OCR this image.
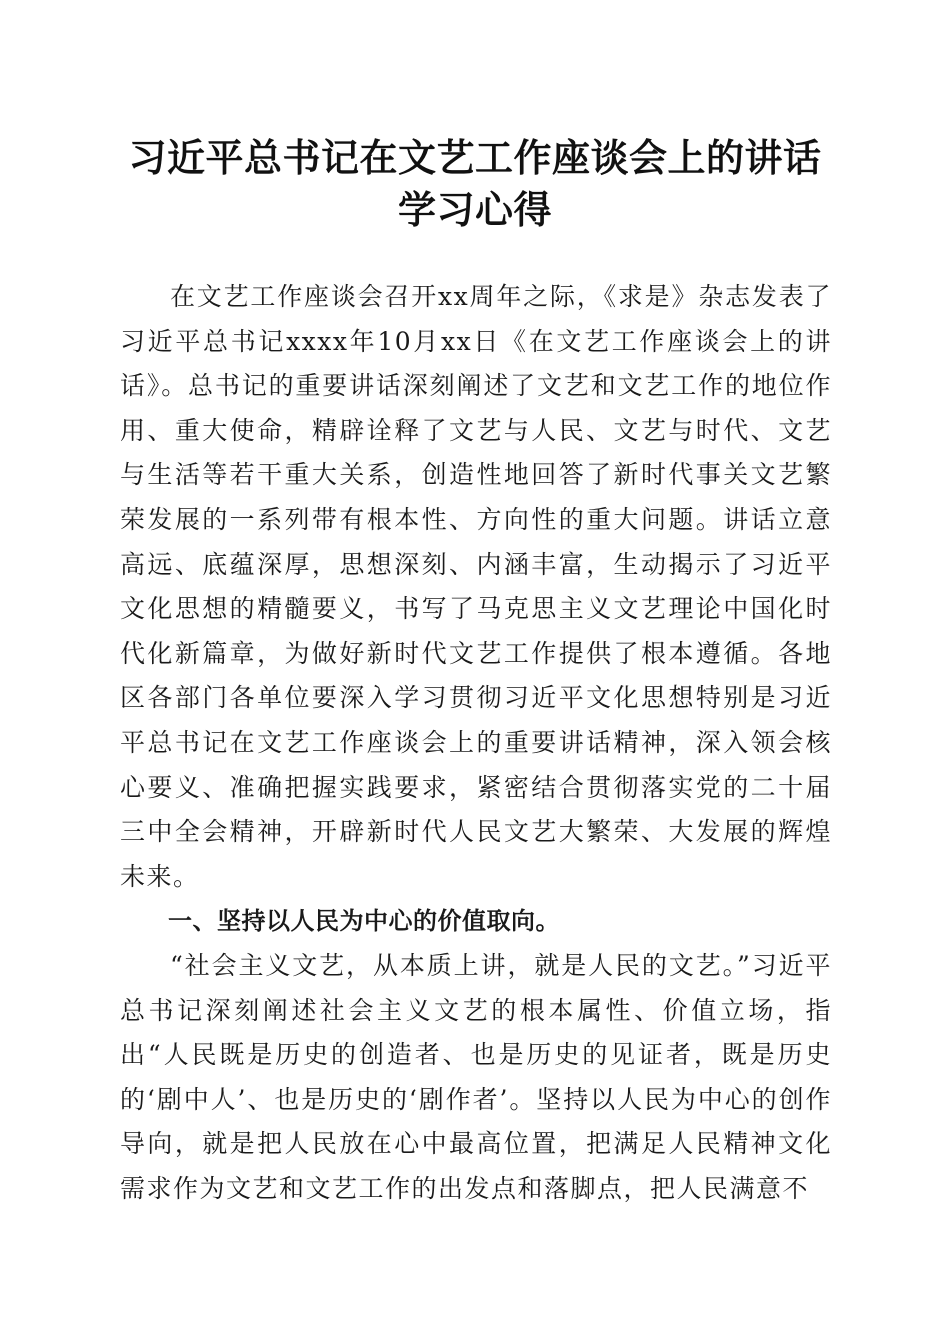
习近平总书记在文艺工作座谈会上的讲话学习心得

在文艺工作座谈会召开xx周年之际，《求是》杂志发表了习近平总书记xxxx年10月xx日《在文艺工作座谈会上的讲话》。总书记的重要讲话深刻阐述了文艺和文艺工作的地位作用、重大使命，精辟诠释了文艺与人民、文艺与时代、文艺与生活等若干重大关系，创造性地回答了新时代事关文艺繁荣发展的一系列带有根本性、方向性的重大问题。讲话立意高远、底蕴深厚，思想深刻、内涵丰富，生动揭示了习近平文化思想的精髓要义，书写了马克思主义文艺理论中国化时代化新篇章，为做好新时代文艺工作提供了根本遵循。各地区各部门各单位要深入学习贯彻习近平文化思想特别是习近平总书记在文艺工作座谈会上的重要讲话精神，深入领会核心要义、准确把握实践要求，紧密结合贯彻落实党的二十届三中全会精神，开辟新时代人民文艺大繁荣、大发展的辉煌未来。

一、坚持以人民为中心的价值取向。

“社会主义文艺，从本质上讲，就是人民的文艺。”习近平总书记深刻阐述社会主义文艺的根本属性、价值立场，指出“人民既是历史的创造者、也是历史的见证者，既是历史的‘剧中人’、也是历史的‘剧作者’。坚持以人民为中心的创作导向，就是把人民放在心中最高位置，把满足人民精神文化需求作为文艺和文艺工作的出发点和落脚点，把人民满意不
